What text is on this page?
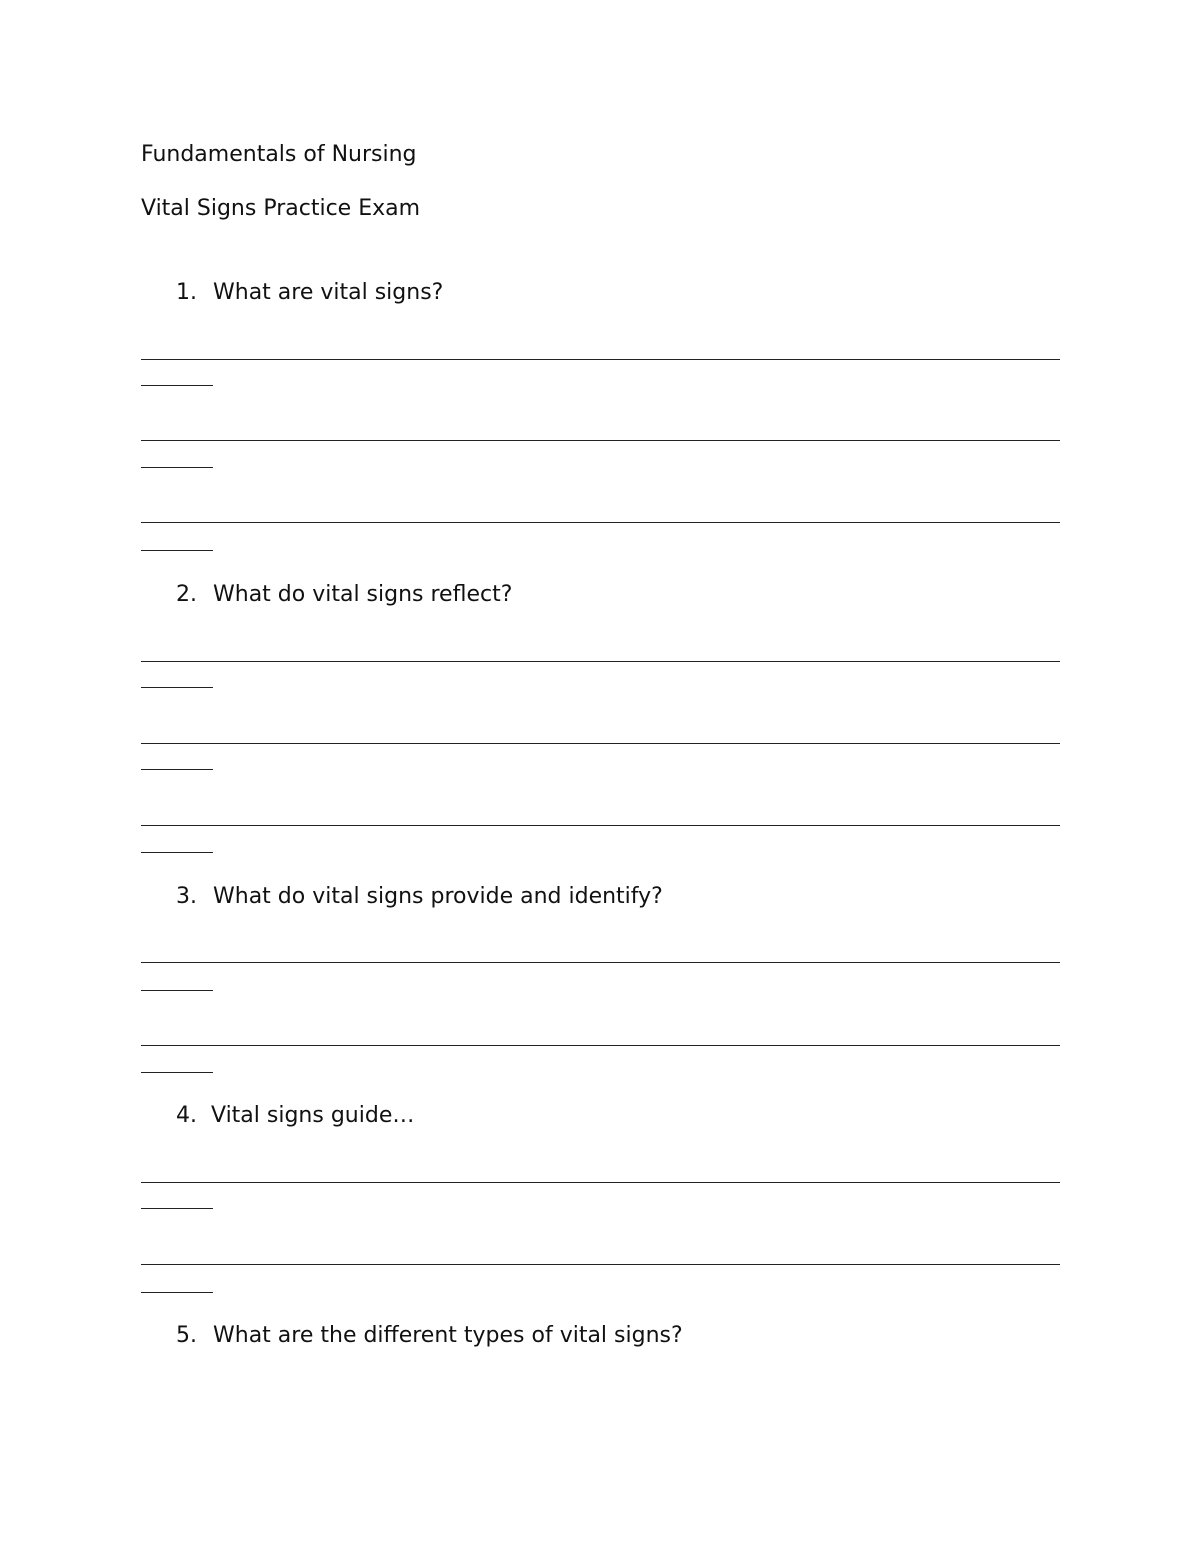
Fundamentals of Nursing
Vital Signs Practice Exam
1. What are vital signs?
2. What do vital signs reflect?
3. What do vital signs provide and identify?
4. Vital signs guide…
5. What are the different types of vital signs?
